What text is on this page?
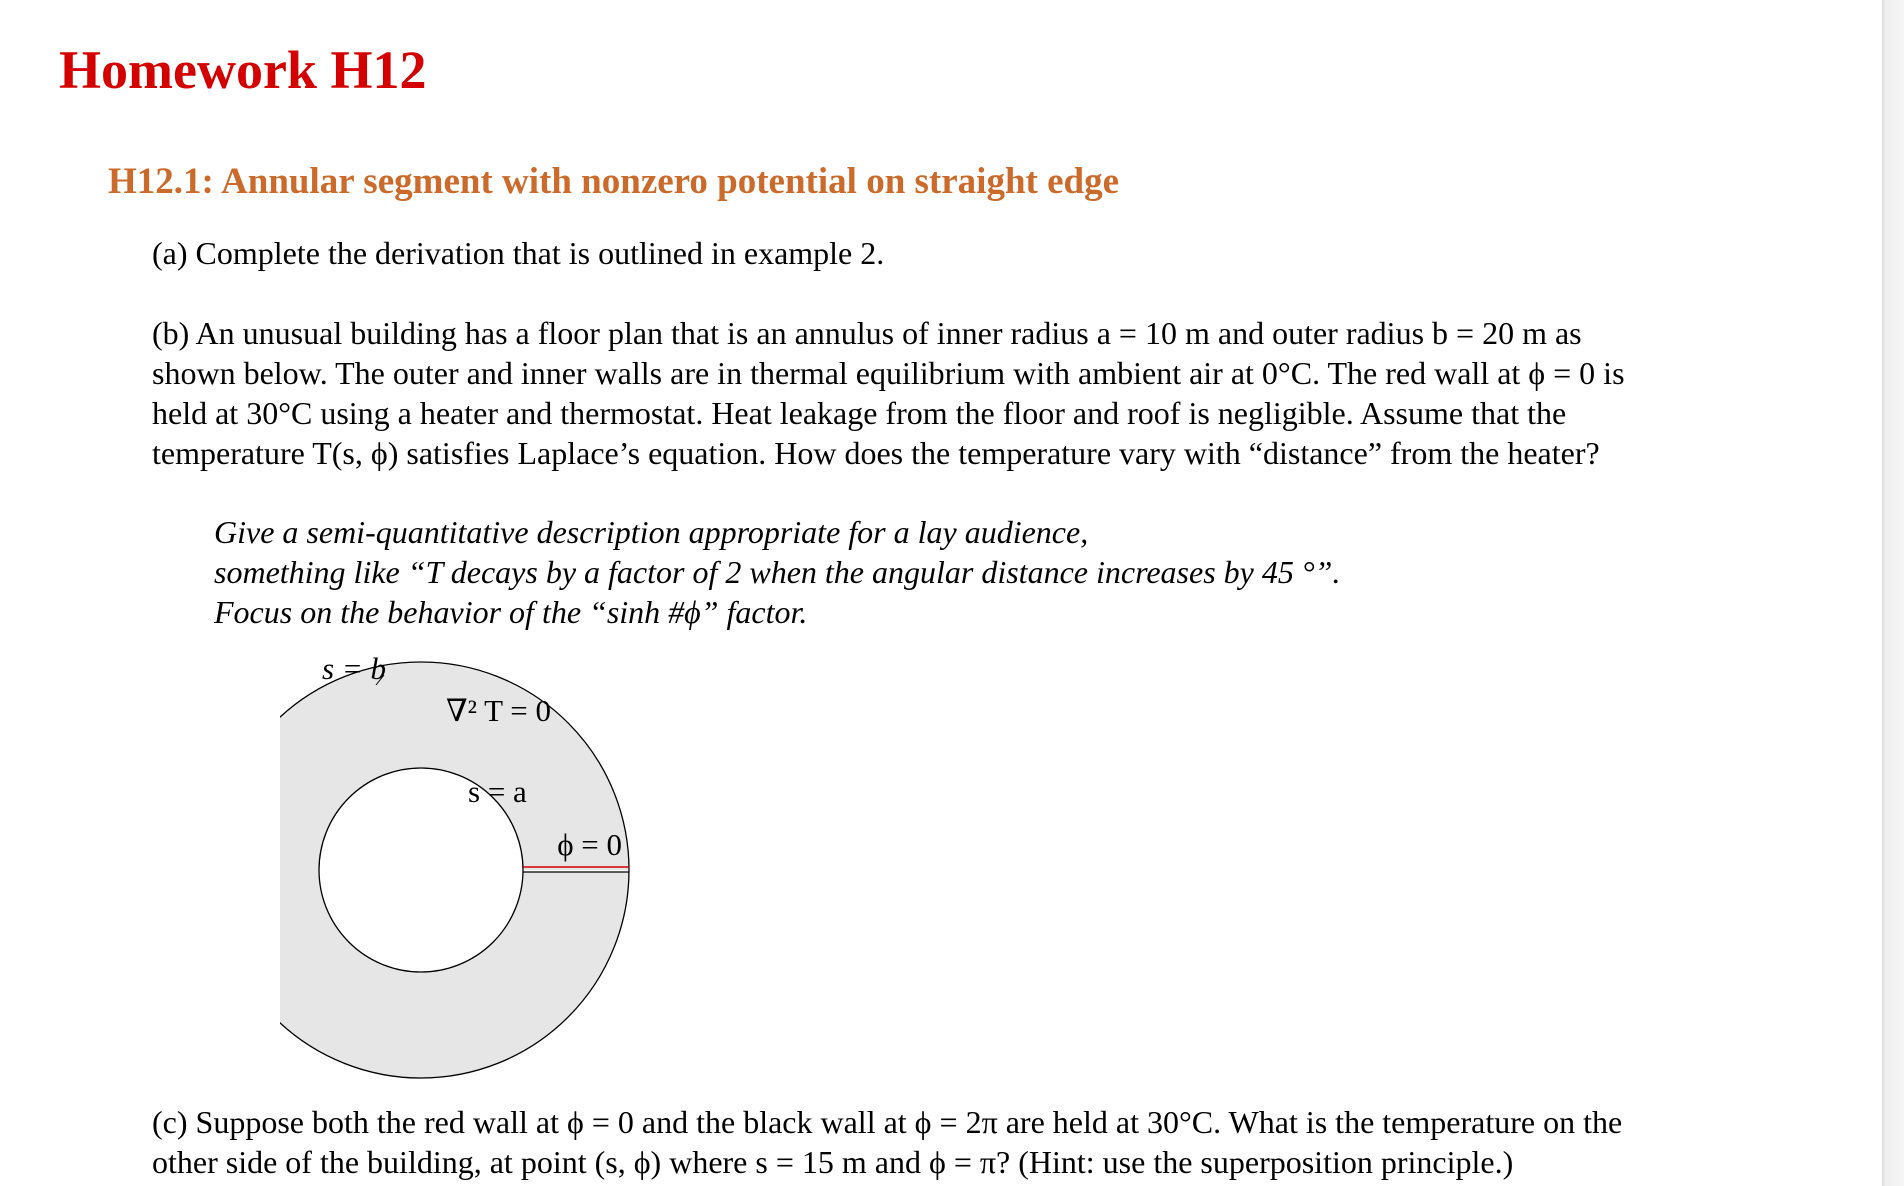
Homework H12
H12.1: Annular segment with nonzero potential on straight edge

(a) Complete the derivation that is outlined in example 2.

(b) An unusual building has a floor plan that is an annulus of inner radius a = 10 m and outer radius b = 20 m as
shown below. The outer and inner walls are in thermal equilibrium with ambient air at 0°C. The red wall at ϕ = 0 is
held at 30°C using a heater and thermostat. Heat leakage from the floor and roof is negligible. Assume that the
temperature T(s, ϕ) satisfies Laplace’s equation. How does the temperature vary with “distance” from the heater?

Give a semi-quantitative description appropriate for a lay audience,
something like “T decays by a factor of 2 when the angular distance increases by 45 °”.
Focus on the behavior of the “sinh #ϕ” factor.

s = b
∇² T = 0
s = a
ϕ = 0

(c) Suppose both the red wall at ϕ = 0 and the black wall at ϕ = 2π are held at 30°C. What is the temperature on the
other side of the building, at point (s, ϕ) where s = 15 m and ϕ = π? (Hint: use the superposition principle.)
